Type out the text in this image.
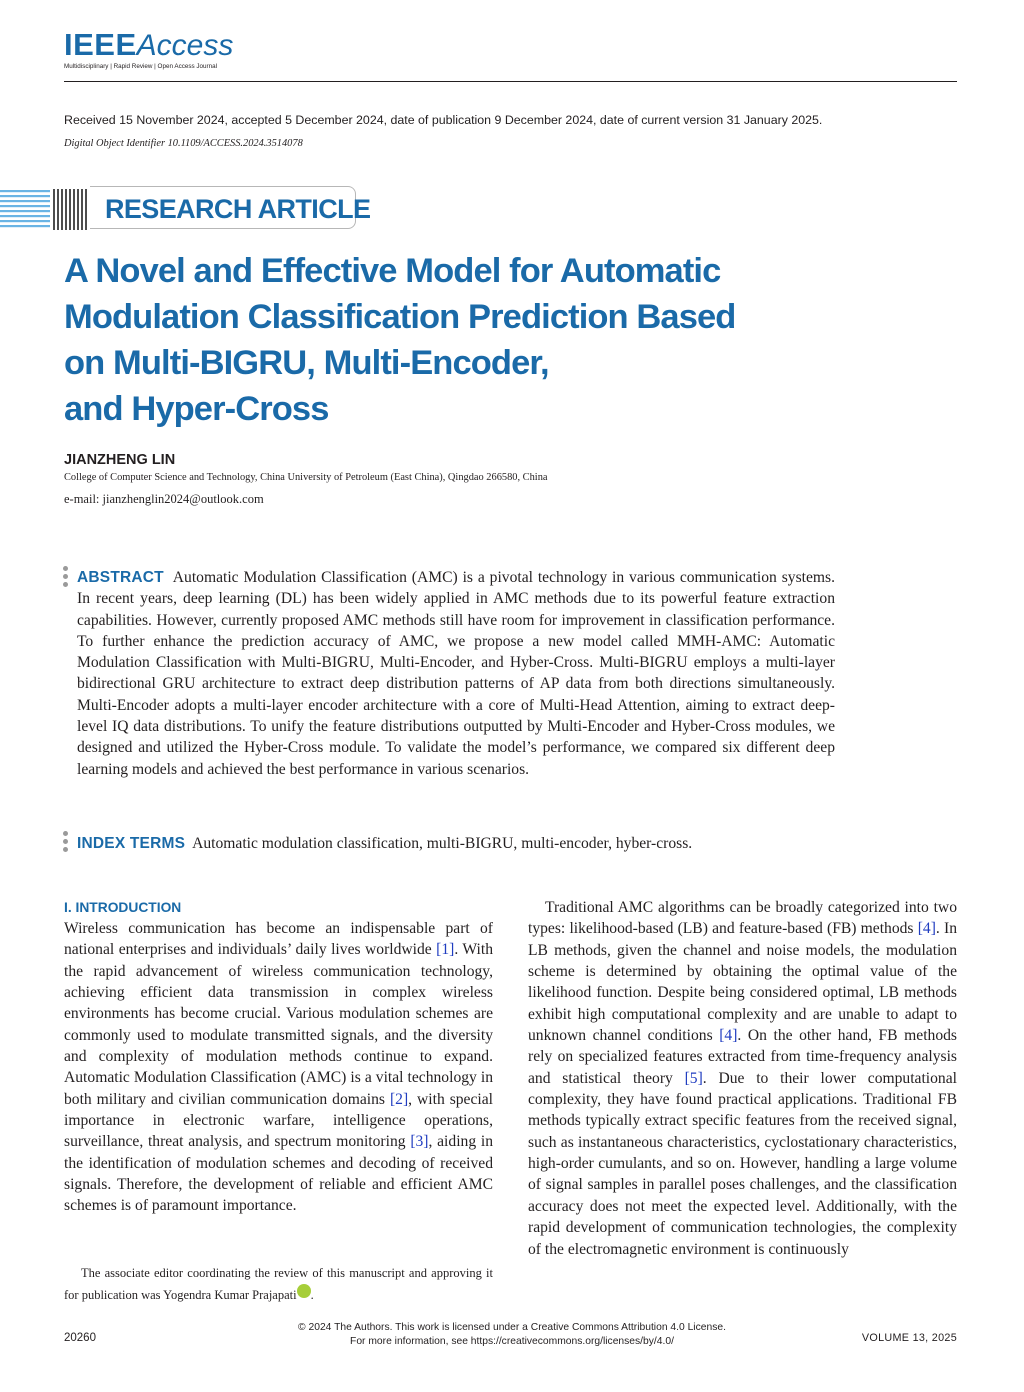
IEEEAccess
Multidisciplinary | Rapid Review | Open Access Journal
Received 15 November 2024, accepted 5 December 2024, date of publication 9 December 2024, date of current version 31 January 2025.
Digital Object Identifier 10.1109/ACCESS.2024.3514078
RESEARCH ARTICLE
A Novel and Effective Model for Automatic
Modulation Classification Prediction Based
on Multi-BIGRU, Multi-Encoder,
and Hyper-Cross
JIANZHENG LIN
College of Computer Science and Technology, China University of Petroleum (East China), Qingdao 266580, China
e-mail: jianzhenglin2024@outlook.com
ABSTRACT Automatic Modulation Classification (AMC) is a pivotal technology in various communication systems. In recent years, deep learning (DL) has been widely applied in AMC methods due to its powerful feature extraction capabilities. However, currently proposed AMC methods still have room for improvement in classification performance. To further enhance the prediction accuracy of AMC, we propose a new model called MMH-AMC: Automatic Modulation Classification with Multi-BIGRU, Multi-Encoder, and Hyber-Cross. Multi-BIGRU employs a multi-layer bidirectional GRU architecture to extract deep distribution patterns of AP data from both directions simultaneously. Multi-Encoder adopts a multi-layer encoder architecture with a core of Multi-Head Attention, aiming to extract deep-level IQ data distributions. To unify the feature distributions outputted by Multi-Encoder and Hyber-Cross modules, we designed and utilized the Hyber-Cross module. To validate the model’s performance, we compared six different deep learning models and achieved the best performance in various scenarios.
INDEX TERMS Automatic modulation classification, multi-BIGRU, multi-encoder, hyber-cross.
I. INTRODUCTION
Wireless communication has become an indispensable part of national enterprises and individuals’ daily lives worldwide [1]. With the rapid advancement of wireless communication technology, achieving efficient data transmission in complex wireless environments has become crucial. Various modulation schemes are commonly used to modulate transmitted signals, and the diversity and complexity of modulation methods continue to expand. Automatic Modulation Classification (AMC) is a vital technology in both military and civilian communication domains [2], with special importance in electronic warfare, intelligence operations, surveillance, threat analysis, and spectrum monitoring [3], aiding in the identification of modulation schemes and decoding of received signals. Therefore, the development of reliable and efficient AMC schemes is of paramount importance.
The associate editor coordinating the review of this manuscript and approving it for publication was Yogendra Kumar Prajapati iD.
Traditional AMC algorithms can be broadly categorized into two types: likelihood-based (LB) and feature-based (FB) methods [4]. In LB methods, given the channel and noise models, the modulation scheme is determined by obtaining the optimal value of the likelihood function. Despite being considered optimal, LB methods exhibit high computational complexity and are unable to adapt to unknown channel conditions [4]. On the other hand, FB methods rely on specialized features extracted from time-frequency analysis and statistical theory [5]. Due to their lower computational complexity, they have found practical applications. Traditional FB methods typically extract specific features from the received signal, such as instantaneous characteristics, cyclostationary characteristics, high-order cumulants, and so on. However, handling a large volume of signal samples in parallel poses challenges, and the classification accuracy does not meet the expected level. Additionally, with the rapid development of communication technologies, the complexity of the electromagnetic environment is continuously
20260
© 2024 The Authors. This work is licensed under a Creative Commons Attribution 4.0 License.
For more information, see https://creativecommons.org/licenses/by/4.0/	VOLUME 13, 2025
